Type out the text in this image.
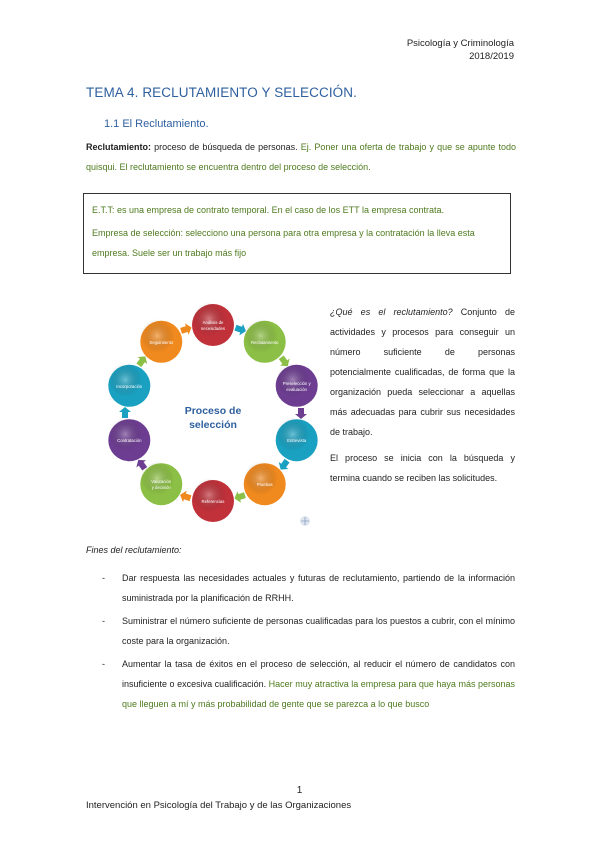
Psicología y Criminología
2018/2019
TEMA 4. RECLUTAMIENTO Y SELECCIÓN.
1.1 El Reclutamiento.
Reclutamiento: proceso de búsqueda de personas. Ej. Poner una oferta de trabajo y que se apunte todo quisqui. El reclutamiento se encuentra dentro del proceso de selección.

E.T.T: es una empresa de contrato temporal. En el caso de los ETT la empresa contrata.

Empresa de selección: selecciono una persona para otra empresa y la contratación la lleva esta empresa. Suele ser un trabajo más fijo

Análisis de
necesidades
Reclutamiento
Preselección y
evaluación
Entrevista
Pruebas
Referencias
Valoración
y decisión
Contratación
Incorporación
Seguimiento
Proceso de
selección

¿Qué es el reclutamiento? Conjunto de actividades y procesos para conseguir un número suficiente de personas potencialmente cualificadas, de forma que la organización pueda seleccionar a aquellas más adecuadas para cubrir sus necesidades de trabajo.

El proceso se inicia con la búsqueda y termina cuando se reciben las solicitudes.

Fines del reclutamiento:
- Dar respuesta las necesidades actuales y futuras de reclutamiento, partiendo de la información suministrada por la planificación de RRHH.
- Suministrar el número suficiente de personas cualificadas para los puestos a cubrir, con el mínimo coste para la organización.
- Aumentar la tasa de éxitos en el proceso de selección, al reducir el número de candidatos con insuficiente o excesiva cualificación. Hacer muy atractiva la empresa para que haya más personas que lleguen a mí y más probabilidad de gente que se parezca a lo que busco
1
Intervención en Psicología del Trabajo y de las Organizaciones
